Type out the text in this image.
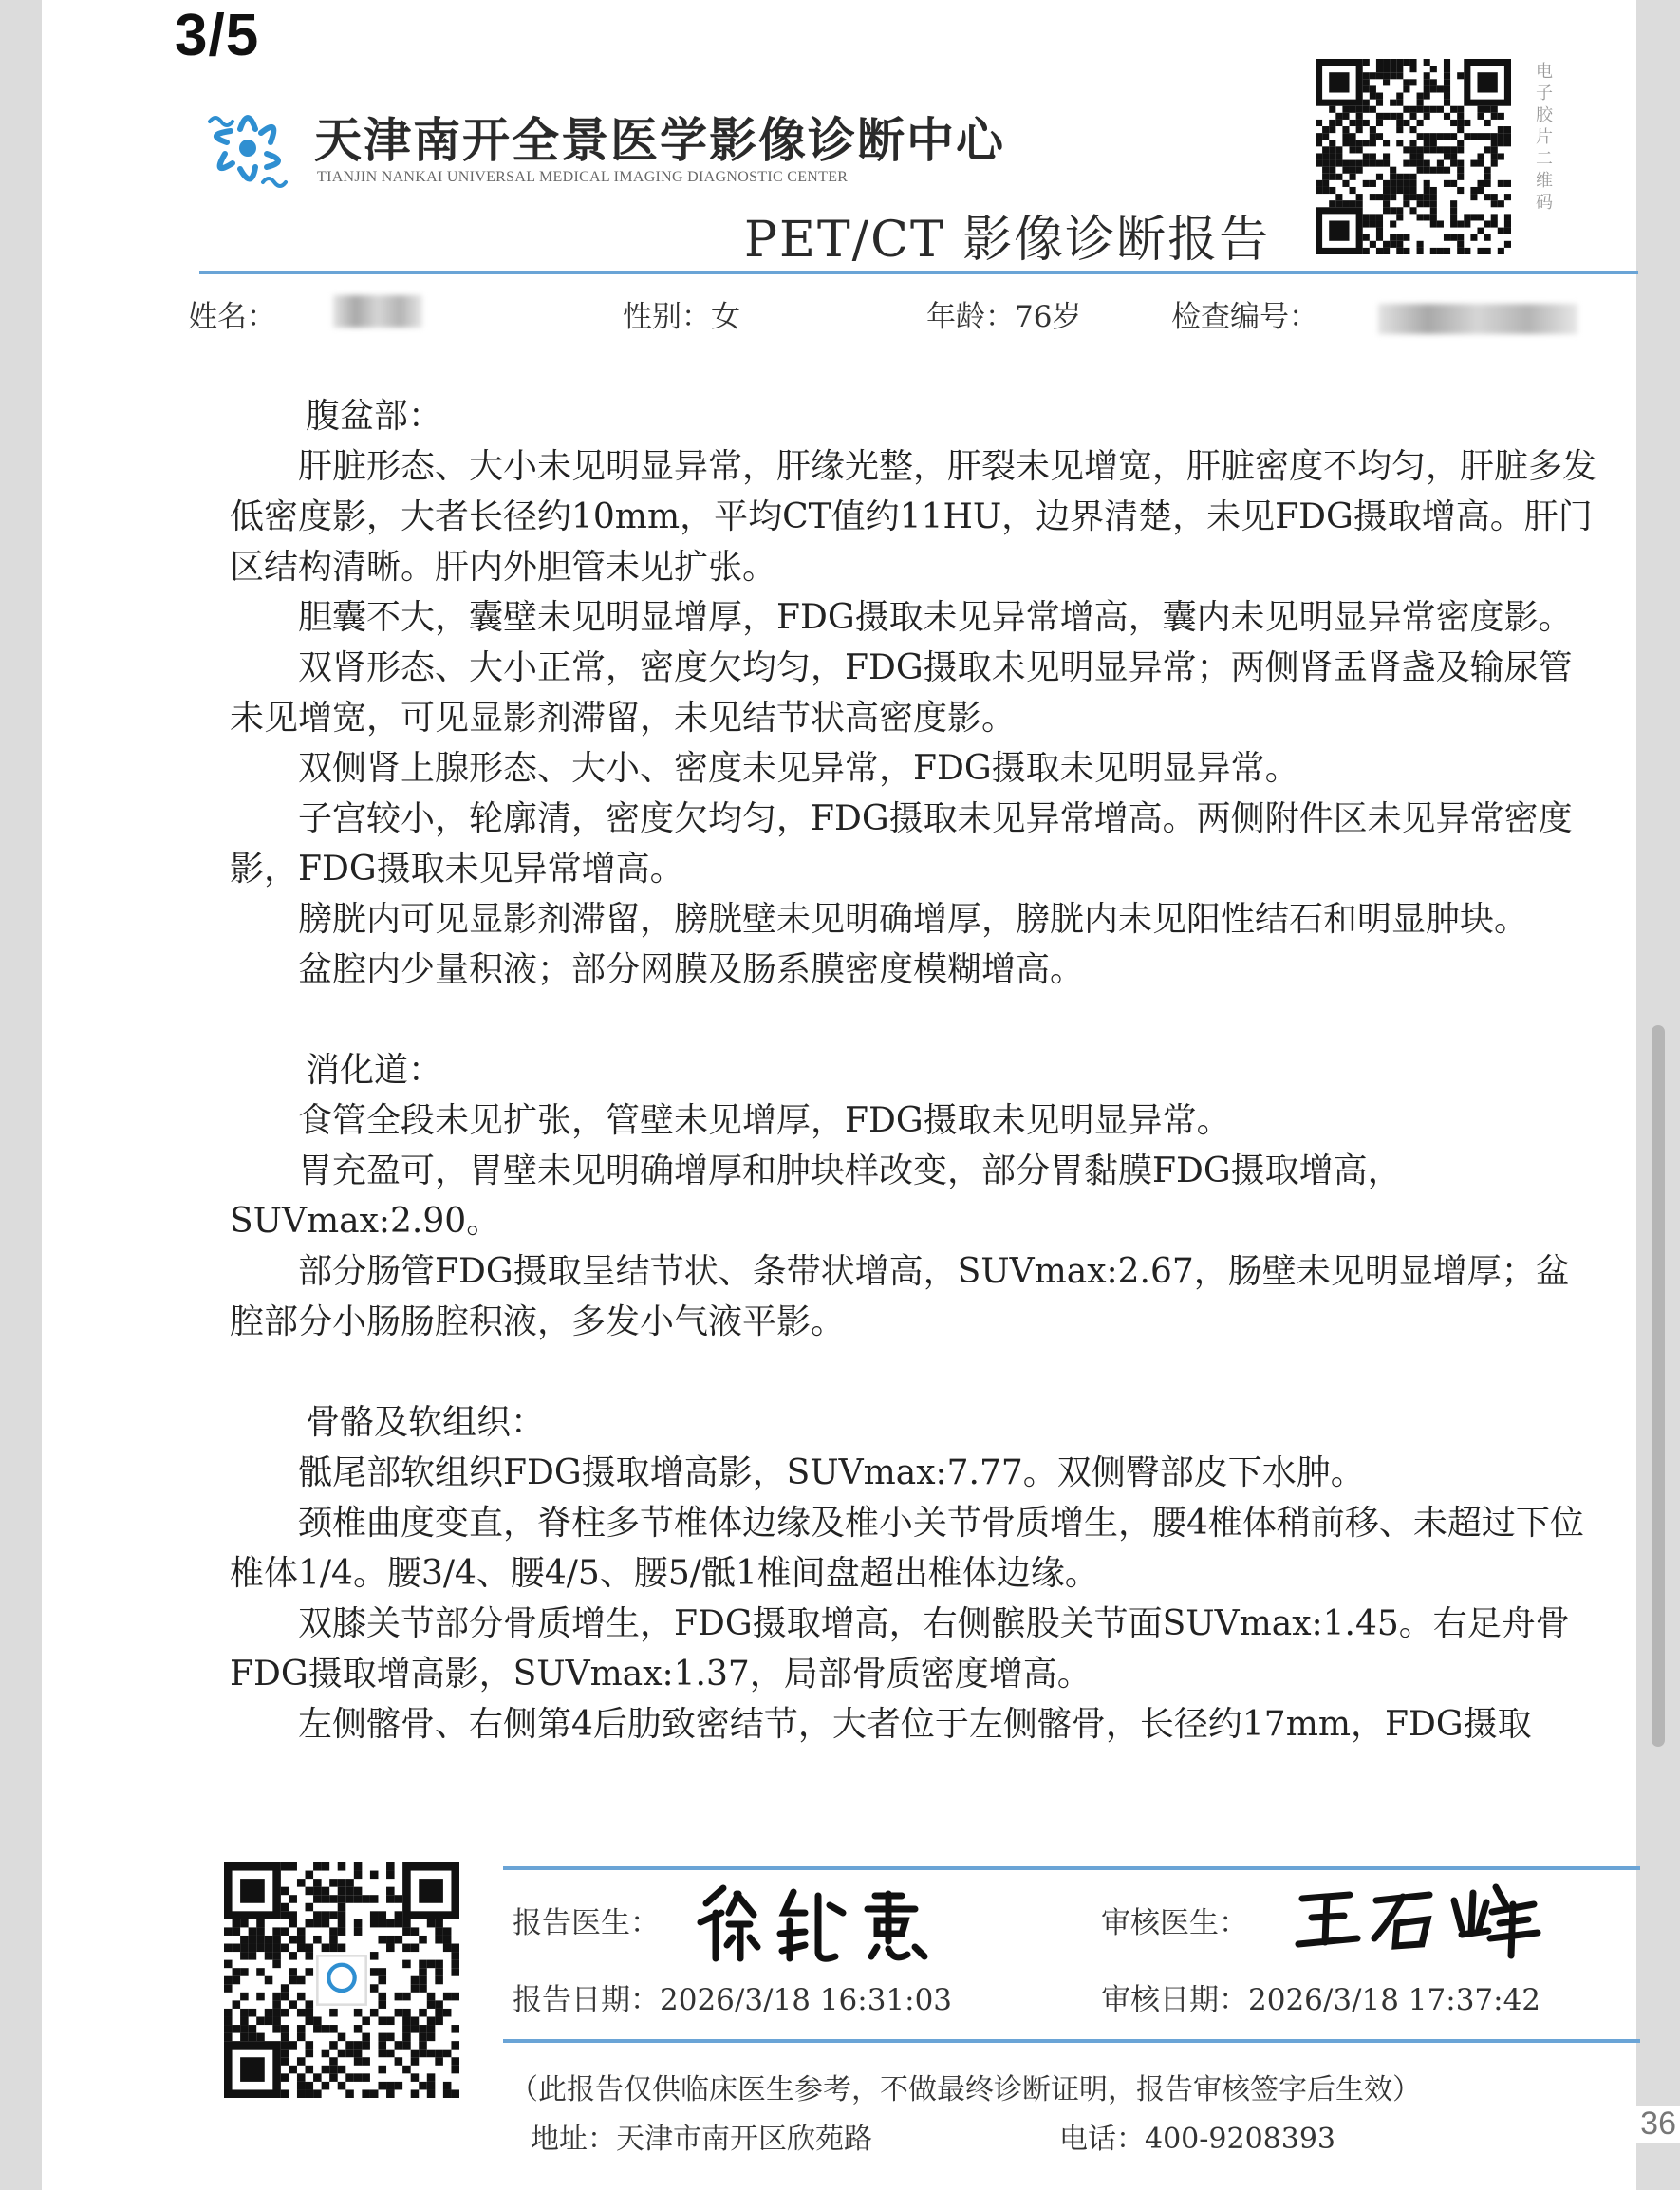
3/5
天津南开全景医学影像诊断中心
TIANJIN NANKAI UNIVERSAL MEDICAL IMAGING DIAGNOSTIC CENTER
PET/CT 影像诊断报告
电子胶片二维码
姓名：	性别：女	年龄：76岁	检查编号：
腹盆部：

肝脏形态、大小未见明显异常，肝缘光整，肝裂未见增宽，肝脏密度不均匀，肝脏多发低密度影，大者长径约10mm，平均CT值约11HU，边界清楚，未见FDG摄取增高。肝门区结构清晰。肝内外胆管未见扩张。

胆囊不大，囊壁未见明显增厚，FDG摄取未见异常增高，囊内未见明显异常密度影。

双肾形态、大小正常，密度欠均匀，FDG摄取未见明显异常；两侧肾盂肾盏及输尿管未见增宽，可见显影剂滞留，未见结节状高密度影。

双侧肾上腺形态、大小、密度未见异常，FDG摄取未见明显异常。

子宫较小，轮廓清，密度欠均匀，FDG摄取未见异常增高。两侧附件区未见异常密度影，FDG摄取未见异常增高。

膀胱内可见显影剂滞留，膀胱壁未见明确增厚，膀胱内未见阳性结石和明显肿块。

盆腔内少量积液；部分网膜及肠系膜密度模糊增高。

消化道：

食管全段未见扩张，管壁未见增厚，FDG摄取未见明显异常。

胃充盈可，胃壁未见明确增厚和肿块样改变，部分胃黏膜FDG摄取增高，SUVmax:2.90。

部分肠管FDG摄取呈结节状、条带状增高，SUVmax:2.67，肠壁未见明显增厚；盆腔部分小肠肠腔积液，多发小气液平影。

骨骼及软组织：

骶尾部软组织FDG摄取增高影，SUVmax:7.77。双侧臀部皮下水肿。

颈椎曲度变直，脊柱多节椎体边缘及椎小关节骨质增生，腰4椎体稍前移、未超过下位椎体1/4。腰3/4、腰4/5、腰5/骶1椎间盘超出椎体边缘。

双膝关节部分骨质增生，FDG摄取增高，右侧髌股关节面SUVmax:1.45。右足舟骨FDG摄取增高影，SUVmax:1.37，局部骨质密度增高。

左侧髂骨、右侧第4后肋致密结节，大者位于左侧髂骨，长径约17mm，FDG摄取

报告医生：	审核医生：
报告日期：2026/3/18 16:31:03	审核日期：2026/3/18 17:37:42
（此报告仅供临床医生参考，不做最终诊断证明，报告审核签字后生效）
地址：天津市南开区欣苑路	电话：400-9208393	36
